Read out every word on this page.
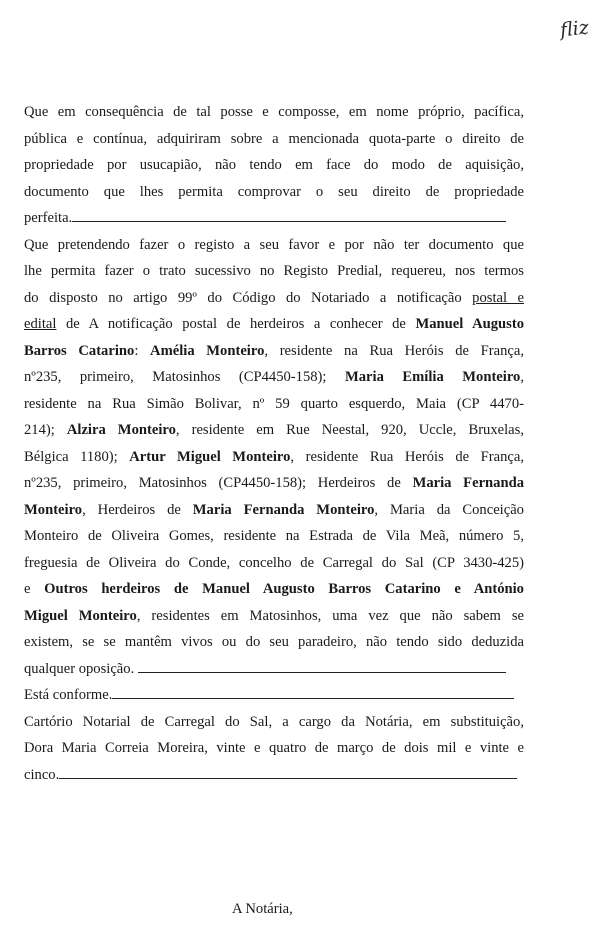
fliz

Que em consequência de tal posse e composse, em nome próprio, pacífica,
pública e contínua, adquiriram sobre a mencionada quota-parte o direito de
propriedade por usucapião, não tendo em face do modo de aquisição,
documento que lhes permita comprovar o seu direito de propriedade
perfeita.

Que pretendendo fazer o registo a seu favor e por não ter documento que
lhe permita fazer o trato sucessivo no Registo Predial, requereu, nos termos
do disposto no artigo 99º do Código do Notariado a notificação postal e
edital de A notificação postal de herdeiros a conhecer de Manuel Augusto
Barros Catarino: Amélia Monteiro, residente na Rua Heróis de França,
nº235, primeiro, Matosinhos (CP4450-158); Maria Emília Monteiro,
residente na Rua Simão Bolivar, nº 59 quarto esquerdo, Maia (CP 4470-
214); Alzira Monteiro, residente em Rue Neestal, 920, Uccle, Bruxelas,
Bélgica 1180); Artur Miguel Monteiro, residente Rua Heróis de França,
nº235, primeiro, Matosinhos (CP4450-158); Herdeiros de Maria Fernanda
Monteiro, Herdeiros de Maria Fernanda Monteiro, Maria da Conceição
Monteiro de Oliveira Gomes, residente na Estrada de Vila Meã, número 5,
freguesia de Oliveira do Conde, concelho de Carregal do Sal (CP 3430-425)
e Outros herdeiros de Manuel Augusto Barros Catarino e António
Miguel Monteiro, residentes em Matosinhos, uma vez que não sabem se
existem, se se mantêm vivos ou do seu paradeiro, não tendo sido deduzida
qualquer oposição.

Está conforme.

Cartório Notarial de Carregal do Sal, a cargo da Notária, em substituição,
Dora Maria Correia Moreira, vinte e quatro de março de dois mil e vinte e
cinco.

A Notária,
